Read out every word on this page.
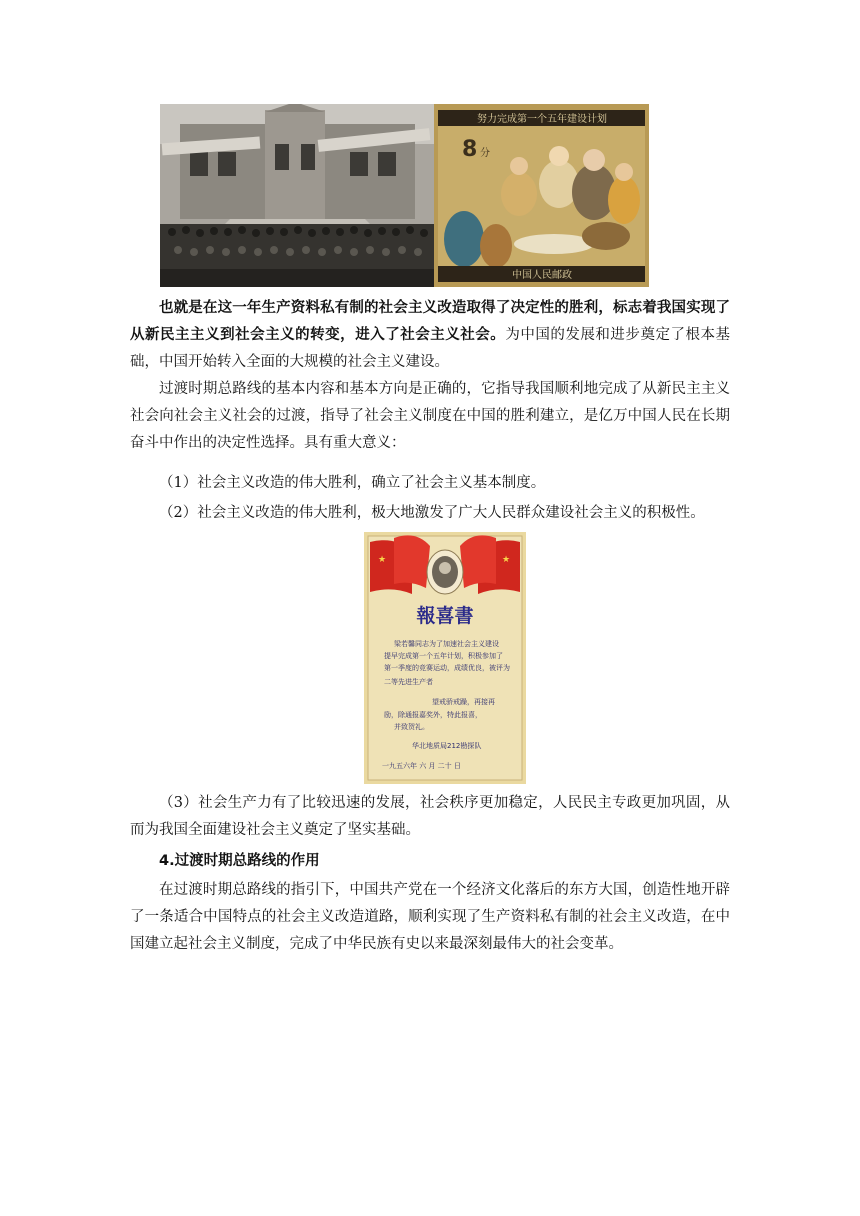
努力完成第一个五年建设计划
8 分
中国人民邮政

也就是在这一年生产资料私有制的社会主义改造取得了决定性的胜利，标志着我国实现了从新民主主义到社会主义的转变，进入了社会主义社会。为中国的发展和进步奠定了根本基础，中国开始转入全面的大规模的社会主义建设。

过渡时期总路线的基本内容和基本方向是正确的，它指导我国顺利地完成了从新民主主义社会向社会主义社会的过渡，指导了社会主义制度在中国的胜利建立，是亿万中国人民在长期奋斗中作出的决定性选择。具有重大意义：

（1）社会主义改造的伟大胜利，确立了社会主义基本制度。

（2）社会主义改造的伟大胜利，极大地激发了广大人民群众建设社会主义的积极性。

★	★
報喜書
梁若馨同志为了加速社会主义建设
提早完成第一个五年计划，积极参加了
第一季度的竞赛运动，成绩优良，被评为
二等先进生产者
望戒骄戒躁，再接再
励，除通报嘉奖外，特此报喜，
并致贺礼。
华北地质局212勘探队
一九五六年 六 月 二十 日

（3）社会生产力有了比较迅速的发展，社会秩序更加稳定，人民民主专政更加巩固，从而为我国全面建设社会主义奠定了坚实基础。

4.过渡时期总路线的作用

在过渡时期总路线的指引下，中国共产党在一个经济文化落后的东方大国，创造性地开辟了一条适合中国特点的社会主义改造道路，顺利实现了生产资料私有制的社会主义改造，在中国建立起社会主义制度，完成了中华民族有史以来最深刻最伟大的社会变革。
